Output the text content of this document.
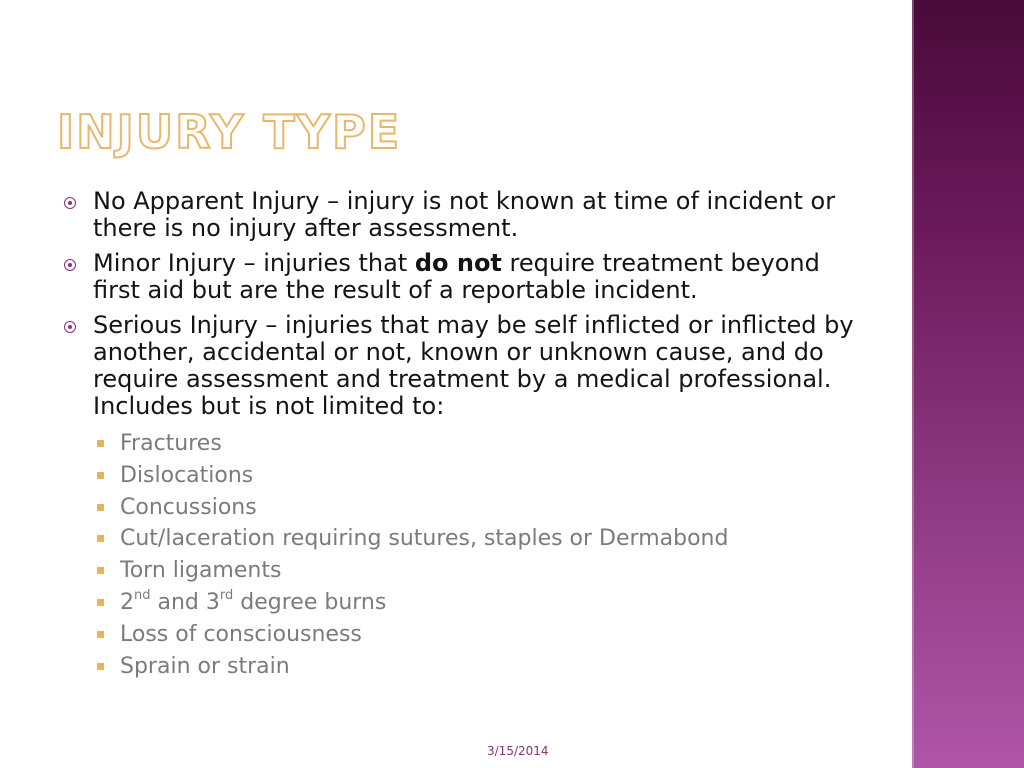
INJURY TYPE
No Apparent Injury – injury is not known at time of incident or there is no injury after assessment.
Minor Injury – injuries that do not require treatment beyond first aid but are the result of a reportable incident.
Serious Injury – injuries that may be self inflicted or inflicted by another, accidental or not, known or unknown cause, and do require assessment and treatment by a medical professional. Includes but is not limited to:
Fractures
Dislocations
Concussions
Cut/laceration requiring sutures, staples or Dermabond
Torn ligaments
2nd and 3rd degree burns
Loss of consciousness
Sprain or strain
3/15/2014
